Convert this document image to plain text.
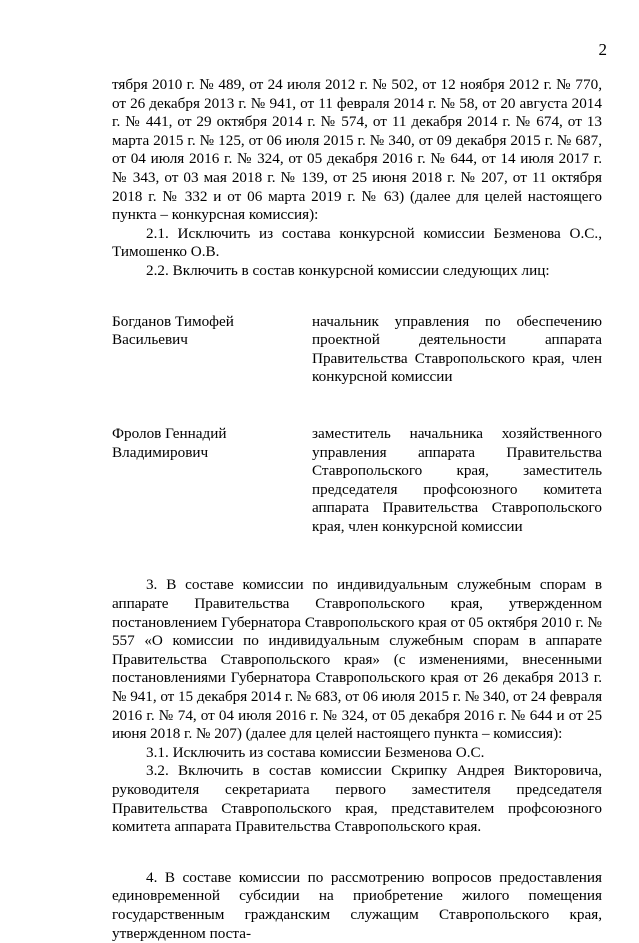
2

тября 2010 г. № 489, от 24 июля 2012 г. № 502, от 12 ноября 2012 г. № 770, от 26 декабря 2013 г. № 941, от 11 февраля 2014 г. № 58, от 20 августа 2014 г. № 441, от 29 октября 2014 г. № 574, от 11 декабря 2014 г. № 674, от 13 марта 2015 г. № 125, от 06 июля 2015 г. № 340, от 09 декабря 2015 г. № 687, от 04 июля 2016 г. № 324, от 05 декабря 2016 г. № 644, от 14 июля 2017 г. № 343, от 03 мая 2018 г. № 139, от 25 июня 2018 г. № 207, от 11 октября 2018 г. № 332 и от 06 марта 2019 г. № 63) (далее для целей настоящего пункта – конкурсная комиссия):

2.1. Исключить из состава конкурсной комиссии Безменова О.С., Тимошенко О.В.

2.2. Включить в состав конкурсной комиссии следующих лиц:

Богданов Тимофей Васильевич
начальник управления по обеспечению проектной деятельности аппарата Правительства Ставропольского края, член конкурсной комиссии
Фролов Геннадий Владимирович
заместитель начальника хозяйственного управления аппарата Правительства Ставропольского края, заместитель председателя профсоюзного комитета аппарата Правительства Ставропольского края, член конкурсной комиссии

3. В составе комиссии по индивидуальным служебным спорам в аппарате Правительства Ставропольского края, утвержденном постановлением Губернатора Ставропольского края от 05 октября 2010 г. № 557 «О комиссии по индивидуальным служебным спорам в аппарате Правительства Ставропольского края» (с изменениями, внесенными постановлениями Губернатора Ставропольского края от 26 декабря 2013 г. № 941, от 15 декабря 2014 г. № 683, от 06 июля 2015 г. № 340, от 24 февраля 2016 г. № 74, от 04 июля 2016 г. № 324, от 05 декабря 2016 г. № 644 и от 25 июня 2018 г. № 207) (далее для целей настоящего пункта – комиссия):

3.1. Исключить из состава комиссии Безменова О.С.

3.2. Включить в состав комиссии Скрипку Андрея Викторовича, руководителя секретариата первого заместителя председателя Правительства Ставропольского края, представителем профсоюзного комитета аппарата Правительства Ставропольского края.

4. В составе комиссии по рассмотрению вопросов предоставления единовременной субсидии на приобретение жилого помещения государственным гражданским служащим Ставропольского края, утвержденном поста-
